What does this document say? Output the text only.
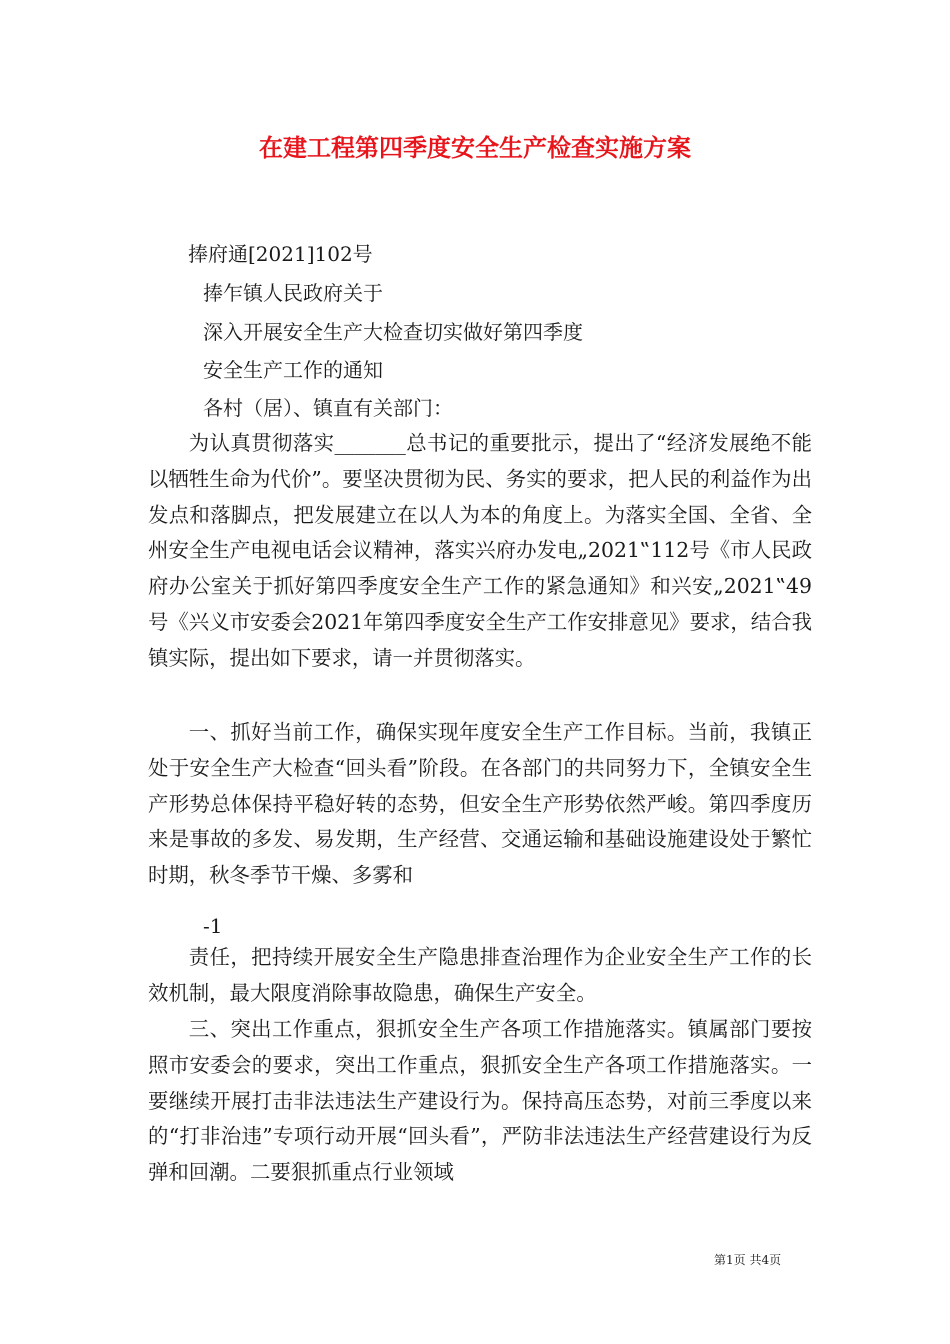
在建工程第四季度安全生产检查实施方案
捧府通[2021]102号
捧乍镇人民政府关于
深入开展安全生产大检查切实做好第四季度
安全生产工作的通知
各村（居）、镇直有关部门：

为认真贯彻落实_______总书记的重要批示，提出了“经济发展绝不能以牺牲生命为代价”。要坚决贯彻为民、务实的要求，把人民的利益作为出发点和落脚点，把发展建立在以人为本的角度上。为落实全国、全省、全州安全生产电视电话会议精神，落实兴府办发电„2021‟112号《市人民政府办公室关于抓好第四季度安全生产工作的紧急通知》和兴安„2021‟49号《兴义市安委会2021年第四季度安全生产工作安排意见》要求，结合我镇实际，提出如下要求，请一并贯彻落实。

一、抓好当前工作，确保实现年度安全生产工作目标。当前，我镇正处于安全生产大检查“回头看”阶段。在各部门的共同努力下，全镇安全生产形势总体保持平稳好转的态势，但安全生产形势依然严峻。第四季度历来是事故的多发、易发期，生产经营、交通运输和基础设施建设处于繁忙时期，秋冬季节干燥、多雾和

-1

责任，把持续开展安全生产隐患排查治理作为企业安全生产工作的长效机制，最大限度消除事故隐患，确保生产安全。

三、突出工作重点，狠抓安全生产各项工作措施落实。镇属部门要按照市安委会的要求，突出工作重点，狠抓安全生产各项工作措施落实。一要继续开展打击非法违法生产建设行为。保持高压态势，对前三季度以来的“打非治违”专项行动开展“回头看”，严防非法违法生产经营建设行为反弹和回潮。二要狠抓重点行业领域

第1页 共4页
